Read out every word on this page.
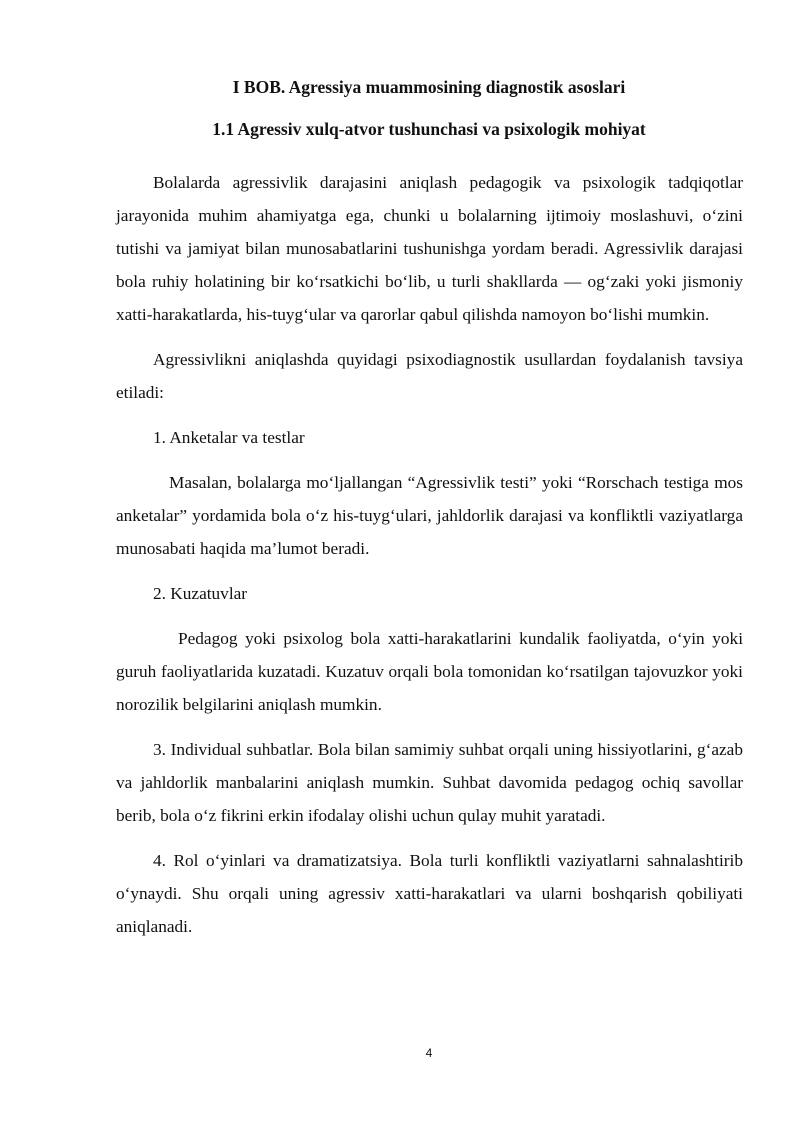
I BOB. Agressiya muammosining diagnostik asoslari
1.1 Agressiv xulq-atvor tushunchasi va psixologik mohiyat

Bolalarda agressivlik darajasini aniqlash pedagogik va psixologik tadqiqotlar jarayonida muhim ahamiyatga ega, chunki u bolalarning ijtimoiy moslashuvi, o‘zini tutishi va jamiyat bilan munosabatlarini tushunishga yordam beradi. Agressivlik darajasi bola ruhiy holatining bir ko‘rsatkichi bo‘lib, u turli shakllarda — og‘zaki yoki jismoniy xatti-harakatlarda, his-tuyg‘ular va qarorlar qabul qilishda namoyon bo‘lishi mumkin.

Agressivlikni aniqlashda quyidagi psixodiagnostik usullardan foydalanish tavsiya etiladi:

1. Anketalar va testlar

Masalan, bolalarga mo‘ljallangan “Agressivlik testi” yoki “Rorschach testiga mos anketalar” yordamida bola o‘z his-tuyg‘ulari, jahldorlik darajasi va konfliktli vaziyatlarga munosabati haqida ma’lumot beradi.

2. Kuzatuvlar

Pedagog yoki psixolog bola xatti-harakatlarini kundalik faoliyatda, o‘yin yoki guruh faoliyatlarida kuzatadi. Kuzatuv orqali bola tomonidan ko‘rsatilgan tajovuzkor yoki norozilik belgilarini aniqlash mumkin.

3. Individual suhbatlar. Bola bilan samimiy suhbat orqali uning hissiyotlarini, g‘azab va jahldorlik manbalarini aniqlash mumkin. Suhbat davomida pedagog ochiq savollar berib, bola o‘z fikrini erkin ifodalay olishi uchun qulay muhit yaratadi.

4. Rol o‘yinlari va dramatizatsiya. Bola turli konfliktli vaziyatlarni sahnalashtirib o‘ynaydi. Shu orqali uning agressiv xatti-harakatlari va ularni boshqarish qobiliyati aniqlanadi.

4
